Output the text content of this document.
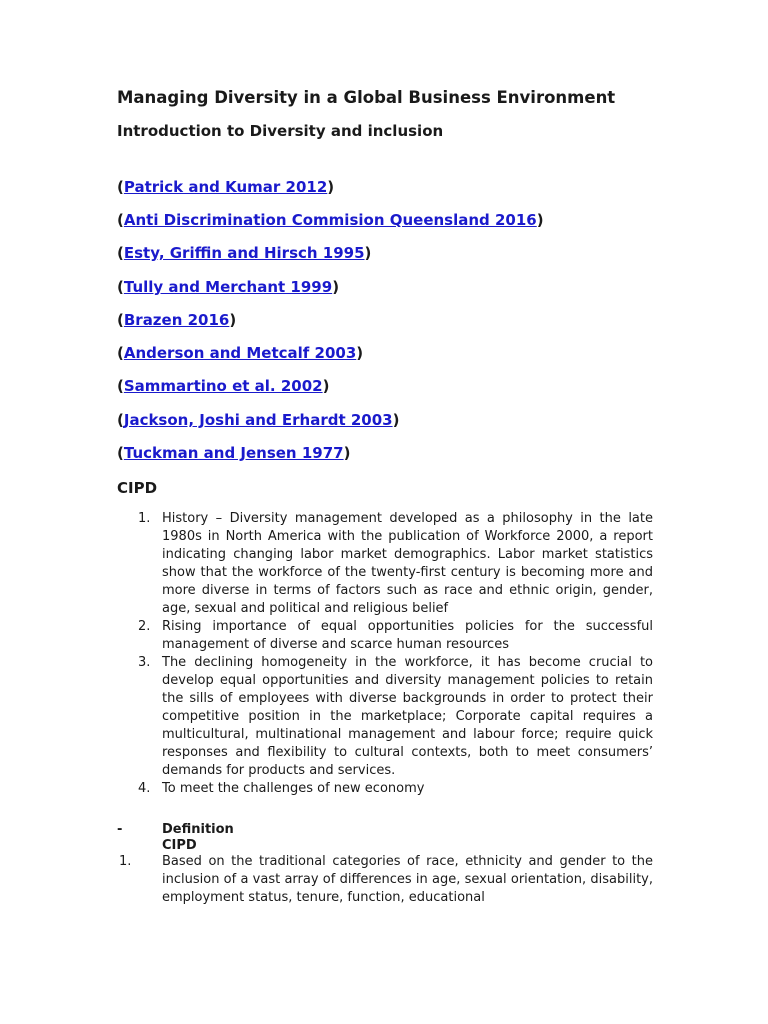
Managing Diversity in a Global Business Environment
Introduction to Diversity and inclusion

(Patrick and Kumar 2012)

(Anti Discrimination Commision Queensland 2016)

(Esty, Griffin and Hirsch 1995)

(Tully and Merchant 1999)

(Brazen 2016)

(Anderson and Metcalf 2003)

(Sammartino et al. 2002)

(Jackson, Joshi and Erhardt 2003)

(Tuckman and Jensen 1977)

CIPD
1. History – Diversity management developed as a philosophy in the late 1980s in North America with the publication of Workforce 2000, a report indicating changing labor market demographics. Labor market statistics show that the workforce of the twenty-first century is becoming more and more diverse in terms of factors such as race and ethnic origin, gender, age, sexual and political and religious belief
2. Rising importance of equal opportunities policies for the successful management of diverse and scarce human resources
3. The declining homogeneity in the workforce, it has become crucial to develop equal opportunities and diversity management policies to retain the sills of employees with diverse backgrounds in order to protect their competitive position in the marketplace; Corporate capital requires a multicultural, multinational management and labour force; require quick responses and flexibility to cultural contexts, both to meet consumers’ demands for products and services.
4. To meet the challenges of new economy
-	Definition
CIPD
1. Based on the traditional categories of race, ethnicity and gender to the inclusion of a vast array of differences in age, sexual orientation, disability, employment status, tenure, function, educational
